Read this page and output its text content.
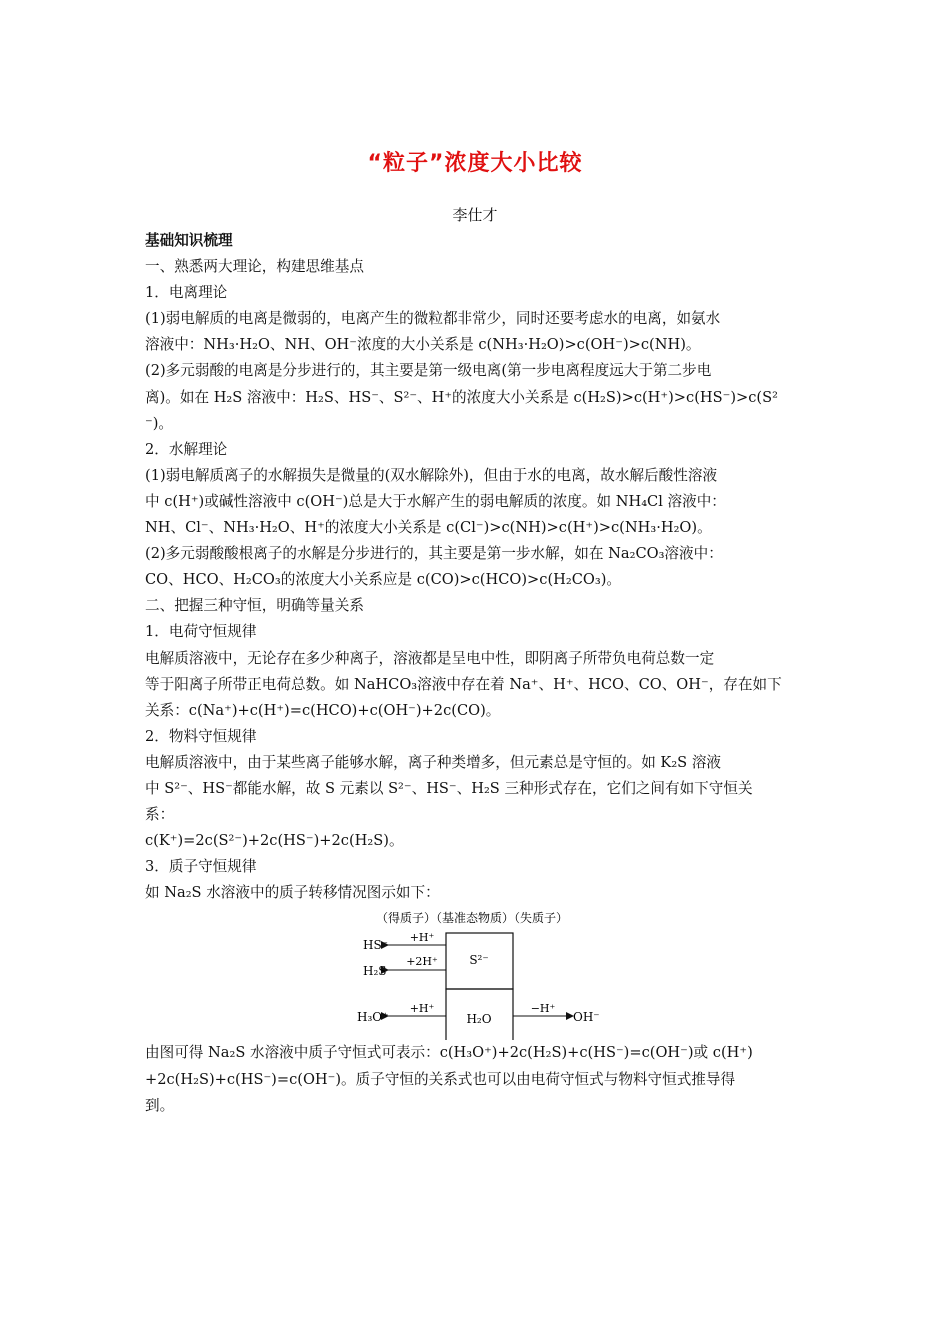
“粒子”浓度大小比较
李仕才
基础知识梳理
一、熟悉两大理论，构建思维基点
1．电离理论
(1)弱电解质的电离是微弱的，电离产生的微粒都非常少，同时还要考虑水的电离，如氨水
溶液中：NH₃·H₂O、NH、OH⁻浓度的大小关系是 c(NH₃·H₂O)>c(OH⁻)>c(NH)。
(2)多元弱酸的电离是分步进行的，其主要是第一级电离(第一步电离程度远大于第二步电
离)。如在 H₂S 溶液中：H₂S、HS⁻、S²⁻、H⁺的浓度大小关系是 c(H₂S)>c(H⁺)>c(HS⁻)>c(S²
⁻)。
2．水解理论
(1)弱电解质离子的水解损失是微量的(双水解除外)，但由于水的电离，故水解后酸性溶液
中 c(H⁺)或碱性溶液中 c(OH⁻)总是大于水解产生的弱电解质的浓度。如 NH₄Cl 溶液中：
NH、Cl⁻、NH₃·H₂O、H⁺的浓度大小关系是 c(Cl⁻)>c(NH)>c(H⁺)>c(NH₃·H₂O)。
(2)多元弱酸酸根离子的水解是分步进行的，其主要是第一步水解，如在 Na₂CO₃溶液中：
CO、HCO、H₂CO₃的浓度大小关系应是 c(CO)>c(HCO)>c(H₂CO₃)。
二、把握三种守恒，明确等量关系
1．电荷守恒规律
电解质溶液中，无论存在多少种离子，溶液都是呈电中性，即阴离子所带负电荷总数一定
等于阳离子所带正电荷总数。如 NaHCO₃溶液中存在着 Na⁺、H⁺、HCO、CO、OH⁻，存在如下
关系：c(Na⁺)+c(H⁺)=c(HCO)+c(OH⁻)+2c(CO)。
2．物料守恒规律
电解质溶液中，由于某些离子能够水解，离子种类增多，但元素总是守恒的。如 K₂S 溶液
中 S²⁻、HS⁻都能水解，故 S 元素以 S²⁻、HS⁻、H₂S 三种形式存在，它们之间有如下守恒关
系：
c(K⁺)=2c(S²⁻)+2c(HS⁻)+2c(H₂S)。
3．质子守恒规律
如 Na₂S 水溶液中的质子转移情况图示如下：
（得质子）（基准态物质）（失质子）
S²⁻
H₂O
+H⁺
HS⁻
+2H⁺
H₂S
+H⁺
H₃O⁺
−H⁺
OH⁻
由图可得 Na₂S 水溶液中质子守恒式可表示：c(H₃O⁺)+2c(H₂S)+c(HS⁻)=c(OH⁻)或 c(H⁺)
+2c(H₂S)+c(HS⁻)=c(OH⁻)。质子守恒的关系式也可以由电荷守恒式与物料守恒式推导得
到。
